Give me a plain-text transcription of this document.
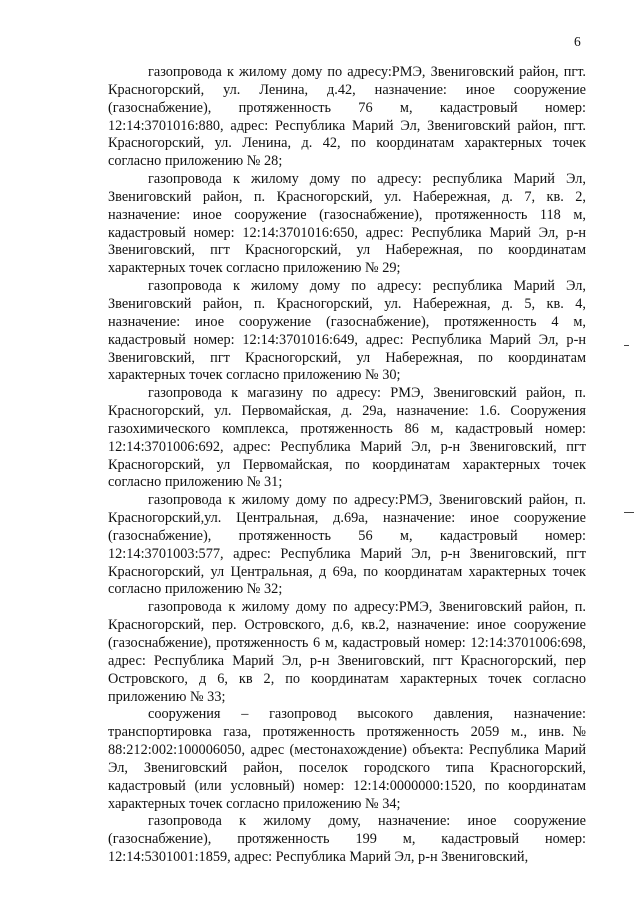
6

газопровода к жилому дому по адресу:РМЭ, Звениговский район, пгт. Красногорский, ул. Ленина, д.42, назначение: иное сооружение (газоснабжение), протяженность 76 м, кадастровый номер: 12:14:3701016:880, адрес: Республика Марий Эл, Звениговский район, пгт. Красногорский, ул. Ленина, д. 42, по координатам характерных точек согласно приложению № 28;

газопровода к жилому дому по адресу: республика Марий Эл, Звениговский район, п. Красногорский, ул. Набережная, д. 7, кв. 2, назначение: иное сооружение (газоснабжение), протяженность 118 м, кадастровый номер: 12:14:3701016:650, адрес: Республика Марий Эл, р-н Звениговский, пгт Красногорский, ул Набережная, по координатам характерных точек согласно приложению № 29;

газопровода к жилому дому по адресу: республика Марий Эл, Звениговский район, п. Красногорский, ул. Набережная, д. 5, кв. 4, назначение: иное сооружение (газоснабжение), протяженность 4 м, кадастровый номер: 12:14:3701016:649, адрес: Республика Марий Эл, р-н Звениговский, пгт Красногорский, ул Набережная, по координатам характерных точек согласно приложению № 30;

газопровода к магазину по адресу: РМЭ, Звениговский район, п. Красногорский, ул. Первомайская, д. 29а, назначение: 1.6. Сооружения газохимического комплекса, протяженность 86 м, кадастровый номер: 12:14:3701006:692, адрес: Республика Марий Эл, р-н Звениговский, пгт Красногорский, ул Первомайская, по координатам характерных точек согласно приложению № 31;

газопровода к жилому дому по адресу:РМЭ, Звениговский район, п. Красногорский,ул. Центральная, д.69а, назначение: иное сооружение (газоснабжение), протяженность 56 м, кадастровый номер: 12:14:3701003:577, адрес: Республика Марий Эл, р-н Звениговский, пгт Красногорский, ул Центральная, д 69а, по координатам характерных точек согласно приложению № 32;

газопровода к жилому дому по адресу:РМЭ, Звениговский район, п. Красногорский, пер. Островского, д.6, кв.2, назначение: иное сооружение (газоснабжение), протяженность 6 м, кадастровый номер: 12:14:3701006:698, адрес: Республика Марий Эл, р-н Звениговский, пгт Красногорский, пер Островского, д 6, кв 2, по координатам характерных точек согласно приложению № 33;

сооружения – газопровод высокого давления, назначение: транспортировка газа, протяженность протяженность 2059 м., инв.№ 88:212:002:100006050, адрес (местонахождение) объекта: Республика Марий Эл, Звениговский район, поселок городского типа Красногорский, кадастровый (или условный) номер: 12:14:0000000:1520, по координатам характерных точек согласно приложению № 34;

газопровода к жилому дому, назначение: иное сооружение (газоснабжение), протяженность 199 м, кадастровый номер: 12:14:5301001:1859, адрес: Республика Марий Эл, р-н Звениговский,
